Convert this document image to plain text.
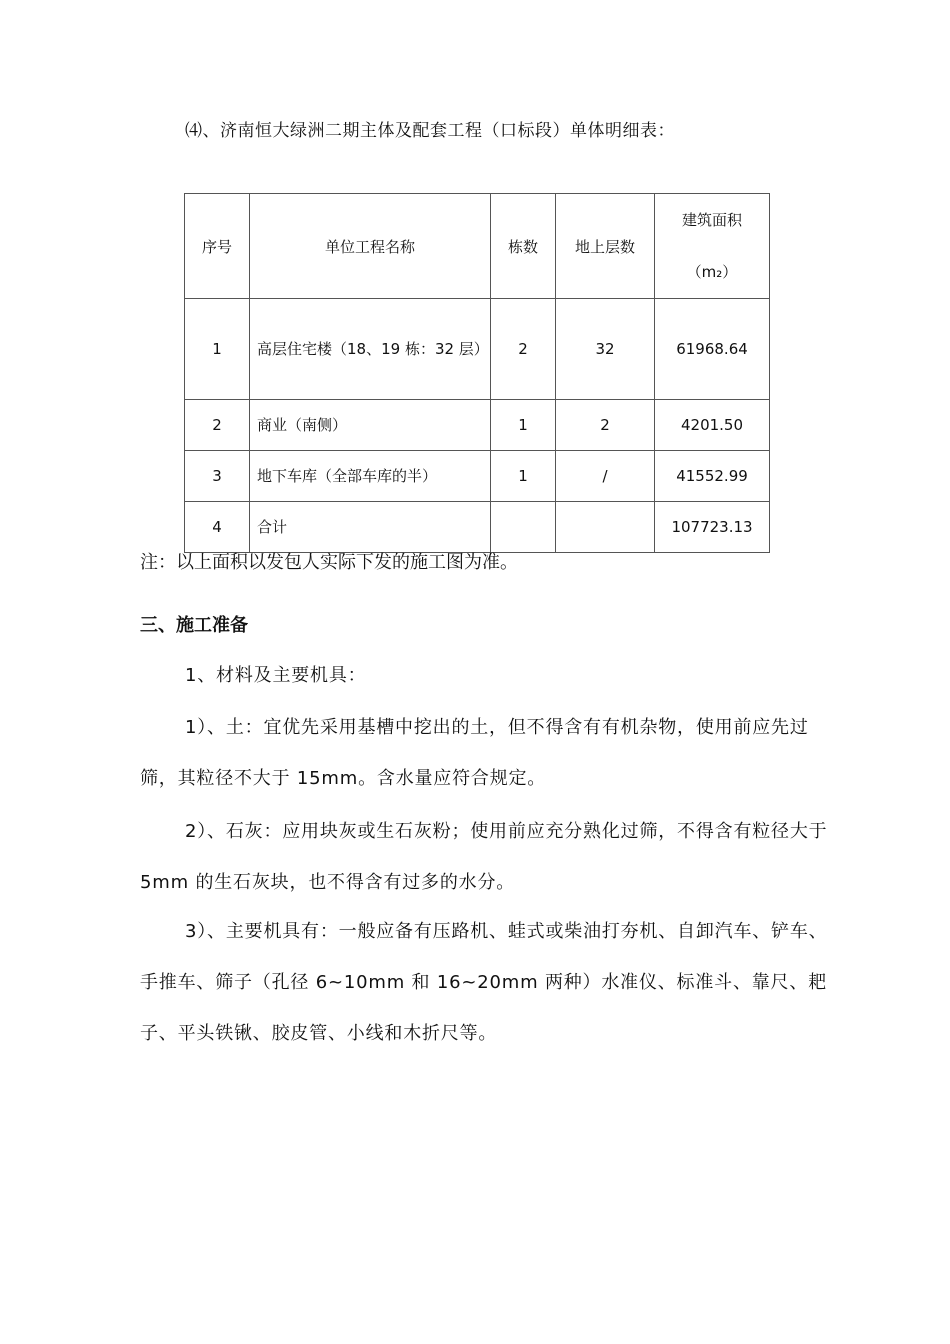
⑷、济南恒大绿洲二期主体及配套工程（口标段）单体明细表：
序号	单位工程名称	栋数	地上层数	建筑面积
（m₂）
1	高层住宅楼（18、19 栋：32 层）	2	32	61968.64
2	商业（南侧）	1	2	4201.50
3	地下车库（全部车库的半）	1	/	41552.99
4	合计			107723.13
注：以上面积以发包人实际下发的施工图为准。
三、施工准备

1、材料及主要机具：

1）、土：宜优先采用基槽中挖出的土，但不得含有有机杂物，使用前应先过筛，其粒径不大于 15mm。含水量应符合规定。

2）、石灰：应用块灰或生石灰粉；使用前应充分熟化过筛，不得含有粒径大于 5mm 的生石灰块，也不得含有过多的水分。

3）、主要机具有：一般应备有压路机、蛙式或柴油打夯机、自卸汽车、铲车、手推车、筛子（孔径 6~10mm 和 16~20mm 两种）水准仪、标准斗、靠尺、耙子、平头铁锹、胶皮管、小线和木折尺等。
